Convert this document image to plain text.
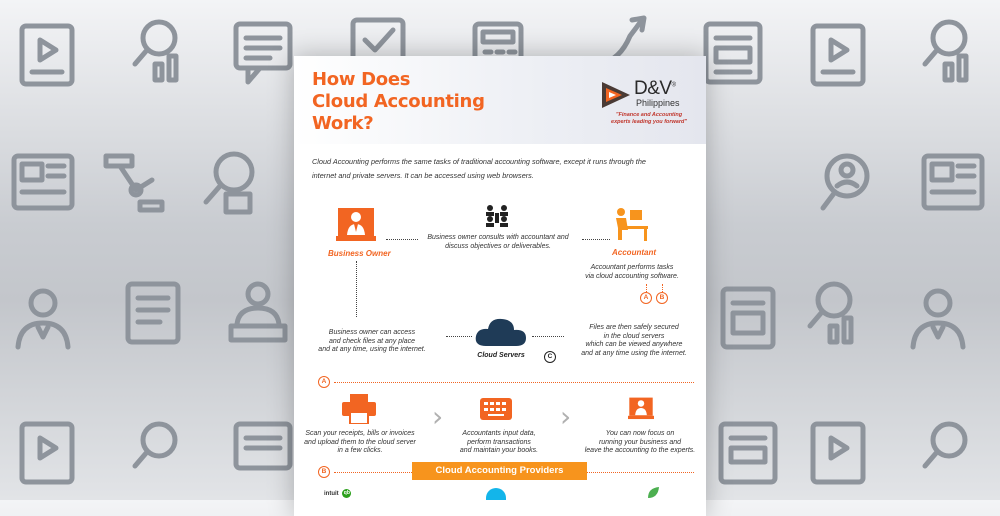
How Does
Cloud Accounting
Work?
D&V®
Philippines
"Finance and Accounting
experts leading you forward"
Cloud Accounting performs the same tasks of traditional accounting software, except it runs through the
internet and private servers. It can be accessed using web browsers.
Business Owner
Business owner consults with accountant and
discuss objectives or deliverables.
Accountant
Accountant performs tasks
via cloud accounting software.
A	B
Business owner can access
and check files at any place
and at any time, using the internet.
Cloud Servers	C
Files are then safely secured
in the cloud servers
which can be viewed anywhere
and at any time using the internet.
A
Scan your receipts, bills or invoices
and upload them to the cloud server
in a few clicks.
›
Accountants input data,
perform transactions
and maintain your books.
›
You can now focus on
running your business and
leave the accounting to the experts.
B	Cloud Accounting Providers
intuit qb
